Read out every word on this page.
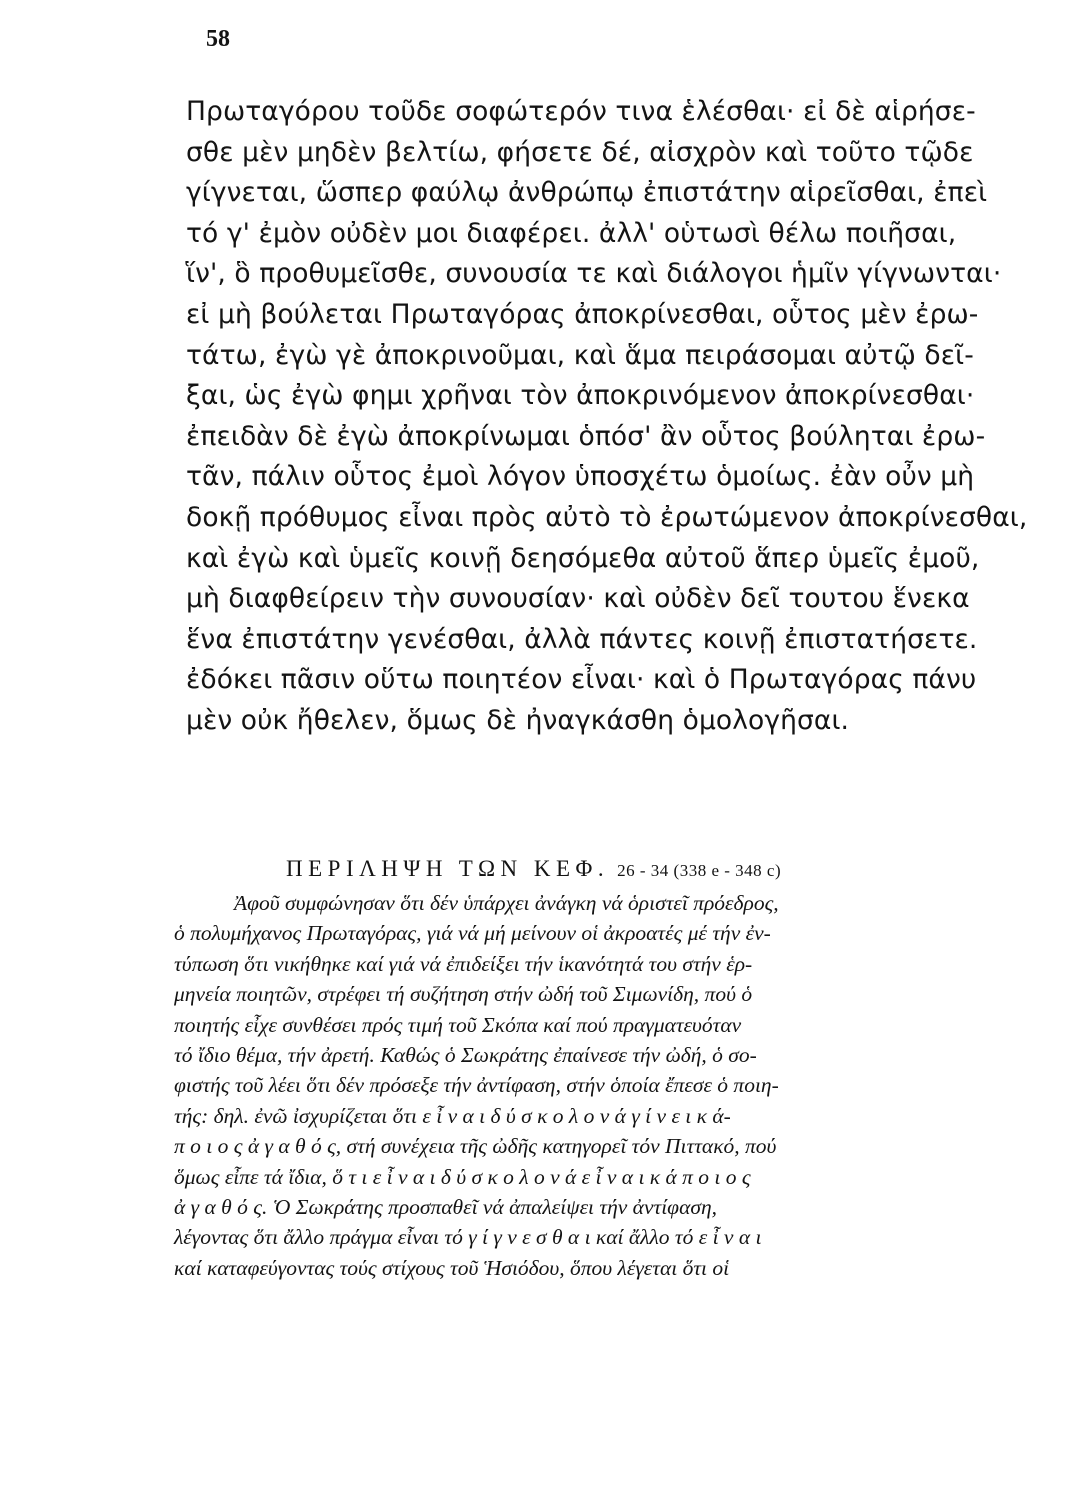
58
Πρωταγόρου τοῦδε σοφώτερόν τινα ἑλέσθαι· εἰ δὲ αἱρήσε-
σθε μὲν μηδὲν βελτίω, φήσετε δέ, αἰσχρὸν καὶ τοῦτο τῷδε
γίγνεται, ὥσπερ φαύλῳ ἀνθρώπῳ ἐπιστάτην αἱρεῖσθαι, ἐπεὶ
τό γ' ἐμὸν οὐδὲν μοι διαφέρει. ἀλλ' οὑτωσὶ θέλω ποιῆσαι,
ἵν', ὃ προθυμεῖσθε, συνουσία τε καὶ διάλογοι ἡμῖν γίγνωνται·
εἰ μὴ βούλεται Πρωταγόρας ἀποκρίνεσθαι, οὗτος μὲν ἐρω-
τάτω, ἐγὼ γὲ ἀποκρινοῦμαι, καὶ ἅμα πειράσομαι αὐτῷ δεῖ-
ξαι, ὡς ἐγὼ φημι χρῆναι τὸν ἀποκρινόμενον ἀποκρίνεσθαι·
ἐπειδὰν δὲ ἐγὼ ἀποκρίνωμαι ὁπόσ' ἂν οὗτος βούληται ἐρω-
τᾶν, πάλιν οὗτος ἐμοὶ λόγον ὑποσχέτω ὁμοίως. ἐὰν οὖν μὴ
δοκῇ πρόθυμος εἶναι πρὸς αὐτὸ τὸ ἐρωτώμενον ἀποκρίνεσθαι,
καὶ ἐγὼ καὶ ὑμεῖς κοινῇ δεησόμεθα αὐτοῦ ἅπερ ὑμεῖς ἐμοῦ,
μὴ διαφθείρειν τὴν συνουσίαν· καὶ οὐδὲν δεῖ τουτου ἕνεκα
ἕνα ἐπιστάτην γενέσθαι, ἀλλὰ πάντες κοινῇ ἐπιστατήσετε.
ἐδόκει πᾶσιν οὕτω ποιητέον εἶναι· καὶ ὁ Πρωταγόρας πάνυ
μὲν οὐκ ἤθελεν, ὅμως δὲ ἠναγκάσθη ὁμολογῆσαι.
ΠΕΡΙΛΗΨΗ ΤΩΝ ΚΕΦ. 26 - 34 (338 e - 348 c)
Ἀφοῦ συμφώνησαν ὅτι δέν ὑπάρχει ἀνάγκη νά ὁριστεῖ πρόεδρος,
ὁ πολυμήχανος Πρωταγόρας, γιά νά μή μείνουν οἱ ἀκροατές μέ τήν ἐν-
τύπωση ὅτι νικήθηκε καί γιά νά ἐπιδείξει τήν ἱκανότητά του στήν ἑρ-
μηνεία ποιητῶν, στρέφει τή συζήτηση στήν ὠδή τοῦ Σιμωνίδη, πού ὁ
ποιητής εἶχε συνθέσει πρός τιμή τοῦ Σκόπα καί πού πραγματευόταν
τό ἴδιο θέμα, τήν ἀρετή. Καθώς ὁ Σωκράτης ἐπαίνεσε τήν ὠδή, ὁ σο-
φιστής τοῦ λέει ὅτι δέν πρόσεξε τήν ἀντίφαση, στήν ὁποία ἔπεσε ὁ ποιη-
τής: δηλ. ἐνῶ ἰσχυρίζεται ὅτι ε ἶ ν α ι δ ύ σ κ ο λ ο ν ά γ ί ν ε ι κ ά-
π ο ι ο ς ἀ γ α θ ό ς, στή συνέχεια τῆς ὠδῆς κατηγορεῖ τόν Πιττακό, πού
ὅμως εἶπε τά ἴδια, ὅ τ ι ε ἶ ν α ι δ ύ σ κ ο λ ο ν ά ε ἶ ν α ι κ ά π ο ι ο ς
ἀ γ α θ ό ς. Ὁ Σωκράτης προσπαθεῖ νά ἀπαλείψει τήν ἀντίφαση,
λέγοντας ὅτι ἄλλο πράγμα εἶναι τό γ ί γ ν ε σ θ α ι καί ἄλλο τό ε ἶ ν α ι
καί καταφεύγοντας τούς στίχους τοῦ Ἡσιόδου, ὅπου λέγεται ὅτι οἱ
